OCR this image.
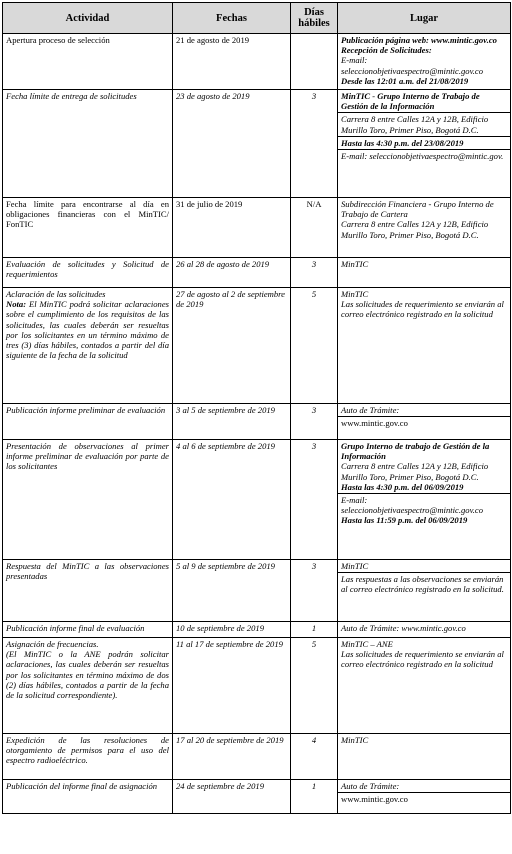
Actividad	Fechas	Días hábiles	Lugar
Apertura proceso de selección	21 de agosto de 2019		Publicación página web: www.mintic.gov.co
Recepción de Solicitudes:
E-mail: seleccionobjetivaespectro@mintic.gov.co
Desde las 12:01 a.m. del 21/08/2019

Fecha límite de entrega de solicitudes	23 de agosto de 2019	3	MinTIC - Grupo Interno de Trabajo de Gestión de la Información
Carrera 8 entre Calles 12A y 12B, Edificio Murillo Toro, Primer Piso, Bogotá D.C.
Hasta las 4:30 p.m. del 23/08/2019
E-mail: seleccionobjetivaespectro@mintic.gov.

Fecha límite para encontrarse al día en obligaciones financieras con el MinTIC/ FonTIC	31 de julio de 2019	N/A	Subdirección Financiera - Grupo Interno de Trabajo de Cartera
Carrera 8 entre Calles 12A y 12B, Edificio Murillo Toro, Primer Piso, Bogotá D.C.

Evaluación de solicitudes y Solicitud de requerimientos	26 al 28 de agosto de 2019	3	MinTIC

Aclaración de las solicitudes
Nota: El MinTIC podrá solicitar aclaraciones sobre el cumplimiento de los requisitos de las solicitudes, las cuales deberán ser resueltas por los solicitantes en un término máximo de tres (3) días hábiles, contados a partir del día siguiente de la fecha de la solicitud	27 de agosto al 2 de septiembre de 2019	5	MinTIC
Las solicitudes de requerimiento se enviarán al correo electrónico registrado en la solicitud

Publicación informe preliminar de evaluación	3 al 5 de septiembre de 2019	3	Auto de Trámite:
www.mintic.gov.co

Presentación de observaciones al primer informe preliminar de evaluación por parte de los solicitantes	4 al 6 de septiembre de 2019	3	Grupo Interno de trabajo de Gestión de la Información
Carrera 8 entre Calles 12A y 12B, Edificio Murillo Toro, Primer Piso, Bogotá D.C.
Hasta las 4:30 p.m. del 06/09/2019
E-mail: seleccionobjetivaespectro@mintic.gov.co
Hasta las 11:59 p.m. del 06/09/2019

Respuesta del MinTIC a las observaciones presentadas	5 al 9 de septiembre de 2019	3	MinTIC
Las respuestas a las observaciones se enviarán al correo electrónico registrado en la solicitud.

Publicación informe final de evaluación	10 de septiembre de 2019	1	Auto de Trámite: www.mintic.gov.co

Asignación de frecuencias.
(El MinTIC o la ANE podrán solicitar aclaraciones, las cuales deberán ser resueltas por los solicitantes en término máximo de dos (2) días hábiles, contados a partir de la fecha de la solicitud correspondiente).	11 al 17 de septiembre de 2019	5	MinTIC – ANE
Las solicitudes de requerimiento se enviarán al correo electrónico registrado en la solicitud

Expedición de las resoluciones de otorgamiento de permisos para el uso del espectro radioeléctrico.	17 al 20 de septiembre de 2019	4	MinTIC

Publicación del informe final de asignación	24 de septiembre de 2019	1	Auto de Trámite:
www.mintic.gov.co
